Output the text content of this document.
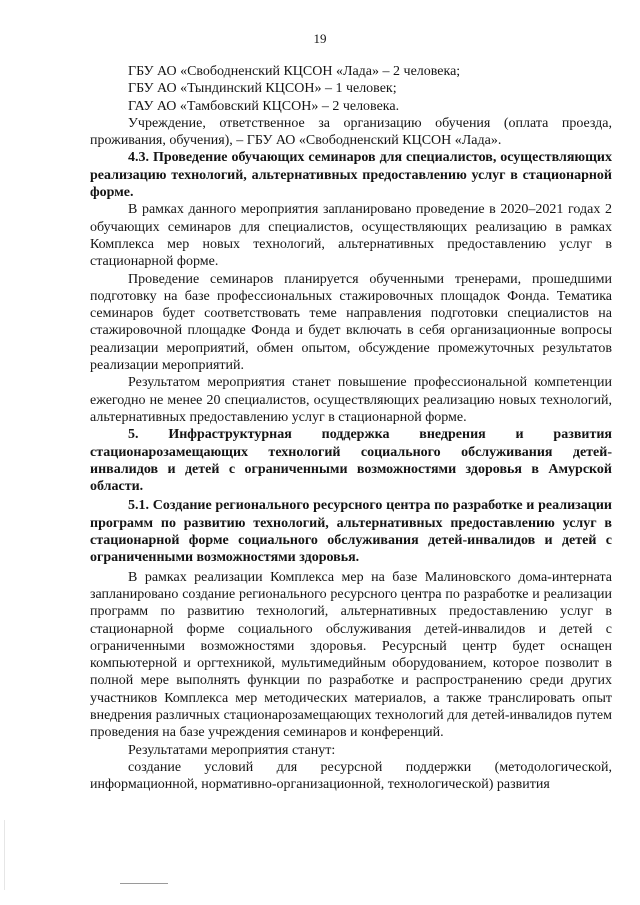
19

ГБУ АО «Свободненский КЦСОН «Лада» – 2 человека;

ГБУ АО «Тындинский КЦСОН» – 1 человек;

ГАУ АО «Тамбовский КЦСОН» – 2 человека.

Учреждение, ответственное за организацию обучения (оплата проезда, проживания, обучения), – ГБУ АО «Свободненский КЦСОН «Лада».

4.3. Проведение обучающих семинаров для специалистов, осуществляющих реализацию технологий, альтернативных предоставлению услуг в стационарной форме.

В рамках данного мероприятия запланировано проведение в 2020–2021 годах 2 обучающих семинаров для специалистов, осуществляющих реализацию в рамках Комплекса мер новых технологий, альтернативных предоставлению услуг в стационарной форме.

Проведение семинаров планируется обученными тренерами, прошедшими подготовку на базе профессиональных стажировочных площадок Фонда. Тематика семинаров будет соответствовать теме направления подготовки специалистов на стажировочной площадке Фонда и будет включать в себя организационные вопросы реализации мероприятий, обмен опытом, обсуждение промежуточных результатов реализации мероприятий.

Результатом мероприятия станет повышение профессиональной компетенции ежегодно не менее 20 специалистов, осуществляющих реализацию новых технологий, альтернативных предоставлению услуг в стационарной форме.

5. Инфраструктурная поддержка внедрения и развития стационарозамещающих технологий социального обслуживания детей-инвалидов и детей с ограниченными возможностями здоровья в Амурской области.

5.1. Создание регионального ресурсного центра по разработке и реализации программ по развитию технологий, альтернативных предоставлению услуг в стационарной форме социального обслуживания детей-инвалидов и детей с ограниченными возможностями здоровья.

В рамках реализации Комплекса мер на базе Малиновского дома-интерната запланировано создание регионального ресурсного центра по разработке и реализации программ по развитию технологий, альтернативных предоставлению услуг в стационарной форме социального обслуживания детей-инвалидов и детей с ограниченными возможностями здоровья. Ресурсный центр будет оснащен компьютерной и оргтехникой, мультимедийным оборудованием, которое позволит в полной мере выполнять функции по разработке и распространению среди других участников Комплекса мер методических материалов, а также транслировать опыт внедрения различных стационарозамещающих технологий для детей-инвалидов путем проведения на базе учреждения семинаров и конференций.

Результатами мероприятия станут:

создание условий для ресурсной поддержки (методологической, информационной, нормативно-организационной, технологической) развития
